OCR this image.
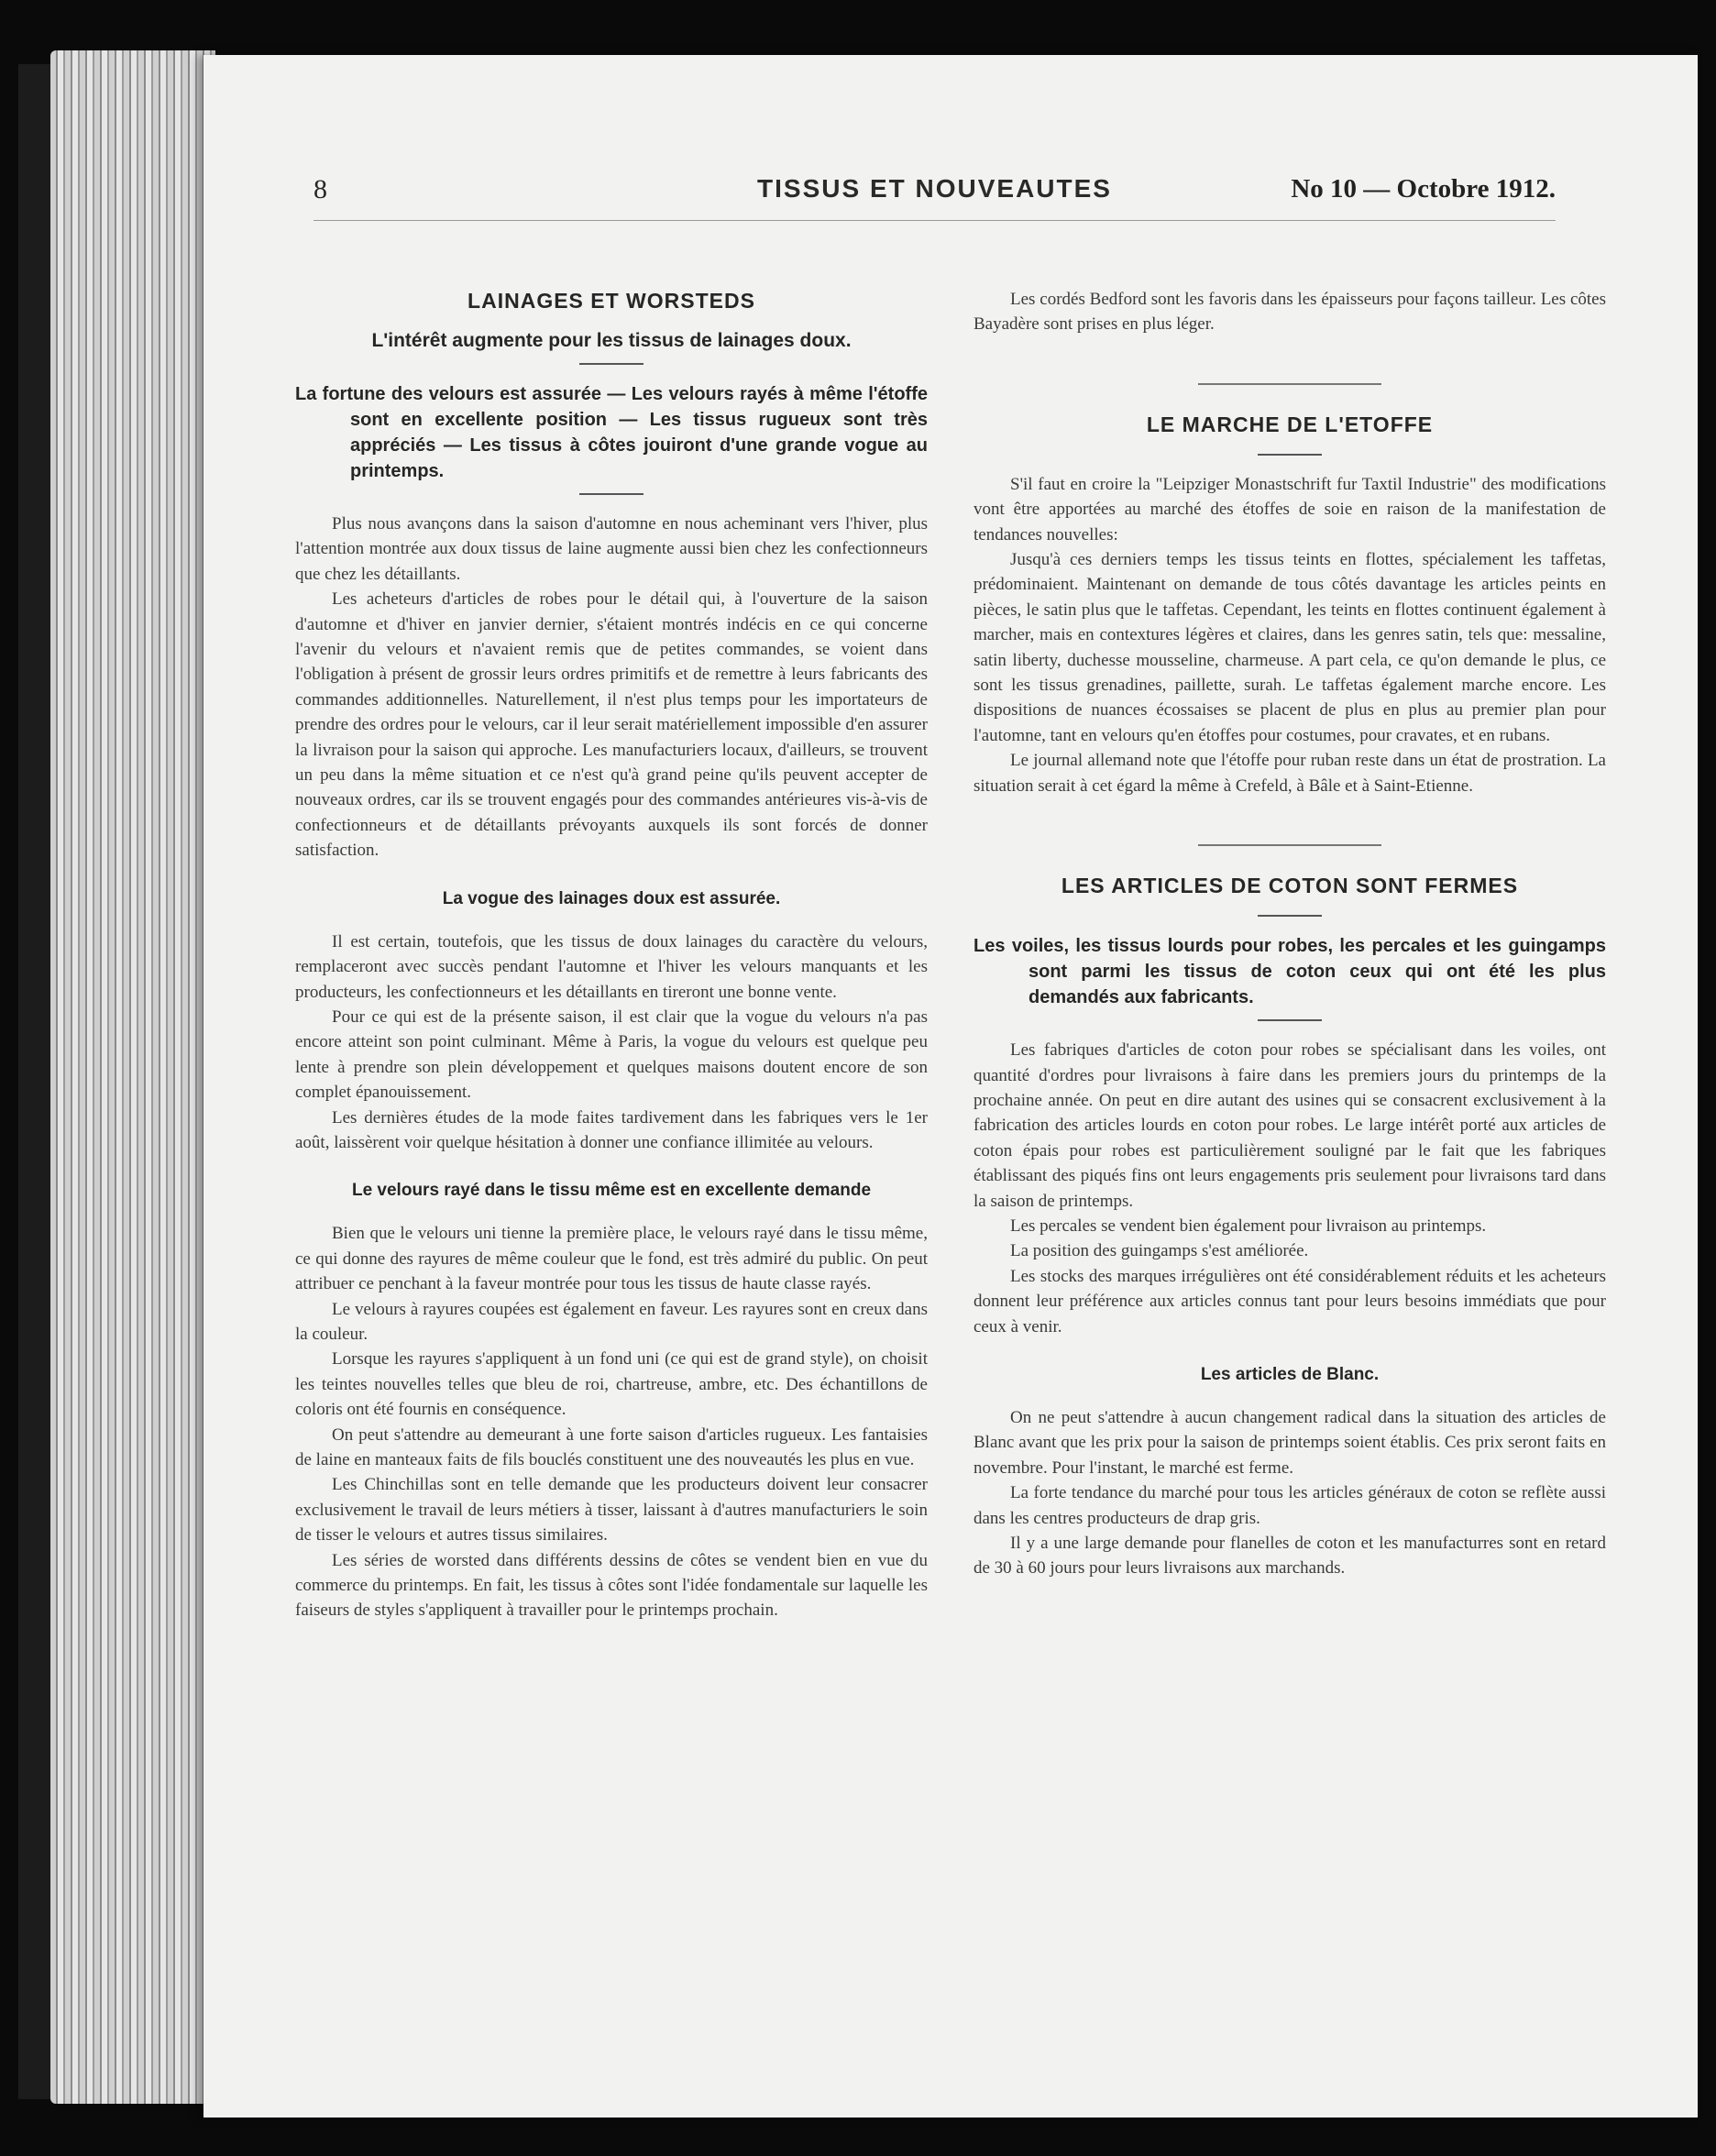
8	TISSUS ET NOUVEAUTES	No 10 — Octobre 1912.
LAINAGES ET WORSTEDS
L'intérêt augmente pour les tissus de lainages doux.
La fortune des velours est assurée — Les velours rayés à même l'étoffe sont en excellente position — Les tissus rugueux sont très appréciés — Les tissus à côtes jouiront d'une grande vogue au printemps.

Plus nous avançons dans la saison d'automne en nous acheminant vers l'hiver, plus l'attention montrée aux doux tissus de laine augmente aussi bien chez les confectionneurs que chez les détaillants.

Les acheteurs d'articles de robes pour le détail qui, à l'ouverture de la saison d'automne et d'hiver en janvier dernier, s'étaient montrés indécis en ce qui concerne l'avenir du velours et n'avaient remis que de petites commandes, se voient dans l'obligation à présent de grossir leurs ordres primitifs et de remettre à leurs fabricants des commandes additionnelles. Naturellement, il n'est plus temps pour les importateurs de prendre des ordres pour le velours, car il leur serait matériellement impossible d'en assurer la livraison pour la saison qui approche. Les manufacturiers locaux, d'ailleurs, se trouvent un peu dans la même situation et ce n'est qu'à grand peine qu'ils peuvent accepter de nouveaux ordres, car ils se trouvent engagés pour des commandes antérieures vis-à-vis de confectionneurs et de détaillants prévoyants auxquels ils sont forcés de donner satisfaction.

La vogue des lainages doux est assurée.

Il est certain, toutefois, que les tissus de doux lainages du caractère du velours, remplaceront avec succès pendant l'automne et l'hiver les velours manquants et les producteurs, les confectionneurs et les détaillants en tireront une bonne vente.

Pour ce qui est de la présente saison, il est clair que la vogue du velours n'a pas encore atteint son point culminant. Même à Paris, la vogue du velours est quelque peu lente à prendre son plein développement et quelques maisons doutent encore de son complet épanouissement.

Les dernières études de la mode faites tardivement dans les fabriques vers le 1er août, laissèrent voir quelque hésitation à donner une confiance illimitée au velours.

Le velours rayé dans le tissu même est en excellente demande

Bien que le velours uni tienne la première place, le velours rayé dans le tissu même, ce qui donne des rayures de même couleur que le fond, est très admiré du public. On peut attribuer ce penchant à la faveur montrée pour tous les tissus de haute classe rayés.

Le velours à rayures coupées est également en faveur. Les rayures sont en creux dans la couleur.

Lorsque les rayures s'appliquent à un fond uni (ce qui est de grand style), on choisit les teintes nouvelles telles que bleu de roi, chartreuse, ambre, etc. Des échantillons de coloris ont été fournis en conséquence.

On peut s'attendre au demeurant à une forte saison d'articles rugueux. Les fantaisies de laine en manteaux faits de fils bouclés constituent une des nouveautés les plus en vue.

Les Chinchillas sont en telle demande que les producteurs doivent leur consacrer exclusivement le travail de leurs métiers à tisser, laissant à d'autres manufacturiers le soin de tisser le velours et autres tissus similaires.

Les séries de worsted dans différents dessins de côtes se vendent bien en vue du commerce du printemps. En fait, les tissus à côtes sont l'idée fondamentale sur laquelle les faiseurs de styles s'appliquent à travailler pour le printemps prochain.

Les cordés Bedford sont les favoris dans les épaisseurs pour façons tailleur. Les côtes Bayadère sont prises en plus léger.

LE MARCHE DE L'ETOFFE

S'il faut en croire la "Leipziger Monastschrift fur Taxtil Industrie" des modifications vont être apportées au marché des étoffes de soie en raison de la manifestation de tendances nouvelles:

Jusqu'à ces derniers temps les tissus teints en flottes, spécialement les taffetas, prédominaient. Maintenant on demande de tous côtés davantage les articles peints en pièces, le satin plus que le taffetas. Cependant, les teints en flottes continuent également à marcher, mais en contextures légères et claires, dans les genres satin, tels que: messaline, satin liberty, duchesse mousseline, charmeuse. A part cela, ce qu'on demande le plus, ce sont les tissus grenadines, paillette, surah. Le taffetas également marche encore. Les dispositions de nuances écossaises se placent de plus en plus au premier plan pour l'automne, tant en velours qu'en étoffes pour costumes, pour cravates, et en rubans.

Le journal allemand note que l'étoffe pour ruban reste dans un état de prostration. La situation serait à cet égard la même à Crefeld, à Bâle et à Saint-Etienne.

LES ARTICLES DE COTON SONT FERMES
Les voiles, les tissus lourds pour robes, les percales et les guingamps sont parmi les tissus de coton ceux qui ont été les plus demandés aux fabricants.

Les fabriques d'articles de coton pour robes se spécialisant dans les voiles, ont quantité d'ordres pour livraisons à faire dans les premiers jours du printemps de la prochaine année. On peut en dire autant des usines qui se consacrent exclusivement à la fabrication des articles lourds en coton pour robes. Le large intérêt porté aux articles de coton épais pour robes est particulièrement souligné par le fait que les fabriques établissant des piqués fins ont leurs engagements pris seulement pour livraisons tard dans la saison de printemps.

Les percales se vendent bien également pour livraison au printemps.

La position des guingamps s'est améliorée.

Les stocks des marques irrégulières ont été considérablement réduits et les acheteurs donnent leur préférence aux articles connus tant pour leurs besoins immédiats que pour ceux à venir.

Les articles de Blanc.

On ne peut s'attendre à aucun changement radical dans la situation des articles de Blanc avant que les prix pour la saison de printemps soient établis. Ces prix seront faits en novembre. Pour l'instant, le marché est ferme.

La forte tendance du marché pour tous les articles généraux de coton se reflète aussi dans les centres producteurs de drap gris.

Il y a une large demande pour flanelles de coton et les manufacturres sont en retard de 30 à 60 jours pour leurs livraisons aux marchands.
